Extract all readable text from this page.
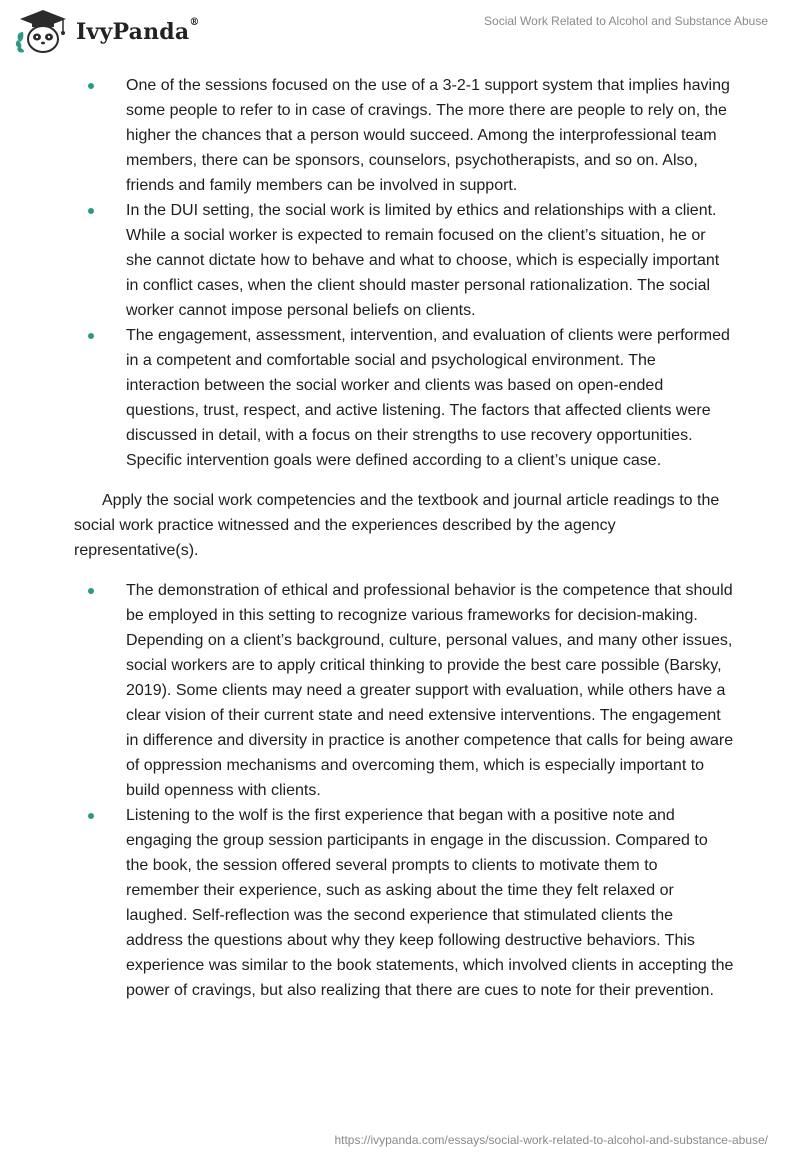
IvyPanda®	Social Work Related to Alcohol and Substance Abuse
One of the sessions focused on the use of a 3-2-1 support system that implies having some people to refer to in case of cravings. The more there are people to rely on, the higher the chances that a person would succeed. Among the interprofessional team members, there can be sponsors, counselors, psychotherapists, and so on. Also, friends and family members can be involved in support.
In the DUI setting, the social work is limited by ethics and relationships with a client. While a social worker is expected to remain focused on the client’s situation, he or she cannot dictate how to behave and what to choose, which is especially important in conflict cases, when the client should master personal rationalization. The social worker cannot impose personal beliefs on clients.
The engagement, assessment, intervention, and evaluation of clients were performed in a competent and comfortable social and psychological environment. The interaction between the social worker and clients was based on open-ended questions, trust, respect, and active listening. The factors that affected clients were discussed in detail, with a focus on their strengths to use recovery opportunities. Specific intervention goals were defined according to a client’s unique case.

Apply the social work competencies and the textbook and journal article readings to the social work practice witnessed and the experiences described by the agency representative(s).

The demonstration of ethical and professional behavior is the competence that should be employed in this setting to recognize various frameworks for decision-making. Depending on a client’s background, culture, personal values, and many other issues, social workers are to apply critical thinking to provide the best care possible (Barsky, 2019). Some clients may need a greater support with evaluation, while others have a clear vision of their current state and need extensive interventions. The engagement in difference and diversity in practice is another competence that calls for being aware of oppression mechanisms and overcoming them, which is especially important to build openness with clients.
Listening to the wolf is the first experience that began with a positive note and engaging the group session participants in engage in the discussion. Compared to the book, the session offered several prompts to clients to motivate them to remember their experience, such as asking about the time they felt relaxed or laughed. Self-reflection was the second experience that stimulated clients the address the questions about why they keep following destructive behaviors. This experience was similar to the book statements, which involved clients in accepting the power of cravings, but also realizing that there are cues to note for their prevention.
https://ivypanda.com/essays/social-work-related-to-alcohol-and-substance-abuse/
